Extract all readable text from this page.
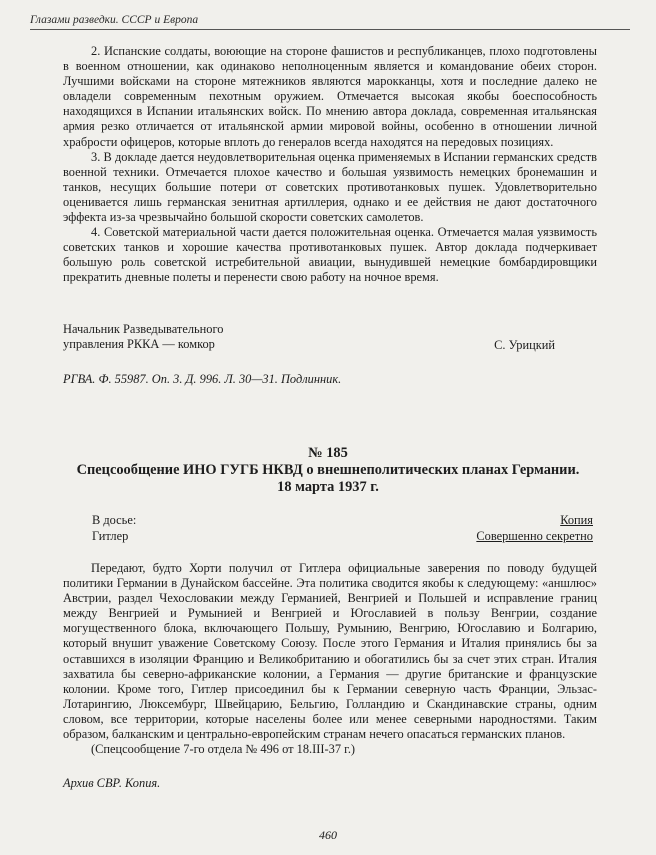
Глазами разведки. СССР и Европа

2. Испанские солдаты, воюющие на стороне фашистов и республиканцев, плохо подготовлены в военном отношении, как одинаково неполноценным является и командование обеих сторон. Лучшими войсками на стороне мятежников являются марокканцы, хотя и последние далеко не овладели современным пехотным оружием. Отмечается высокая якобы боеспособность находящихся в Испании итальянских войск. По мнению автора доклада, современная итальянская армия резко отличается от итальянской армии мировой войны, особенно в отношении личной храбрости офицеров, которые вплоть до генералов всегда находятся на передовых позициях.

3. В докладе дается неудовлетворительная оценка применяемых в Испании германских средств военной техники. Отмечается плохое качество и большая уязвимость немецких бронемашин и танков, несущих большие потери от советских противотанковых пушек. Удовлетворительно оценивается лишь германская зенитная артиллерия, однако и ее действия не дают достаточного эффекта из-за чрезвычайно большой скорости советских самолетов.

4. Советской материальной части дается положительная оценка. Отмечается малая уязвимость советских танков и хорошие качества противотанковых пушек. Автор доклада подчеркивает большую роль советской истребительной авиации, вынудившей немецкие бомбардировщики прекратить дневные полеты и перенести свою работу на ночное время.

Начальник Разведывательного
управления РККА — комкор	С. Урицкий
РГВА. Ф. 55987. Оп. 3. Д. 996. Л. 30—31. Подлинник.
№ 185
Спецсообщение ИНО ГУГБ НКВД о внешнеполитических планах Германии.
18 марта 1937 г.
В досье:
Гитлер
Копия
Совершенно секретно

Передают, будто Хорти получил от Гитлера официальные заверения по поводу будущей политики Германии в Дунайском бассейне. Эта политика сводится якобы к следующему: «аншлюс» Австрии, раздел Чехословакии между Германией, Венгрией и Польшей и исправление границ между Венгрией и Румынией и Венгрией и Югославией в пользу Венгрии, создание могущественного блока, включающего Польшу, Румынию, Венгрию, Югославию и Болгарию, который внушит уважение Советскому Союзу. После этого Германия и Италия принялись бы за оставшихся в изоляции Францию и Великобританию и обогатились бы за счет этих стран. Италия захватила бы северно-африканские колонии, а Германия — другие британские и французские колонии. Кроме того, Гитлер присоединил бы к Германии северную часть Франции, Эльзас-Лотарингию, Люксембург, Швейцарию, Бельгию, Голландию и Скандинавские страны, одним словом, все территории, которые населены более или менее северными народностями. Таким образом, балканским и центрально-европейским странам нечего опасаться германских планов.

(Спецсообщение 7-го отдела № 496 от 18.III-37 г.)

Архив СВР. Копия.
460
